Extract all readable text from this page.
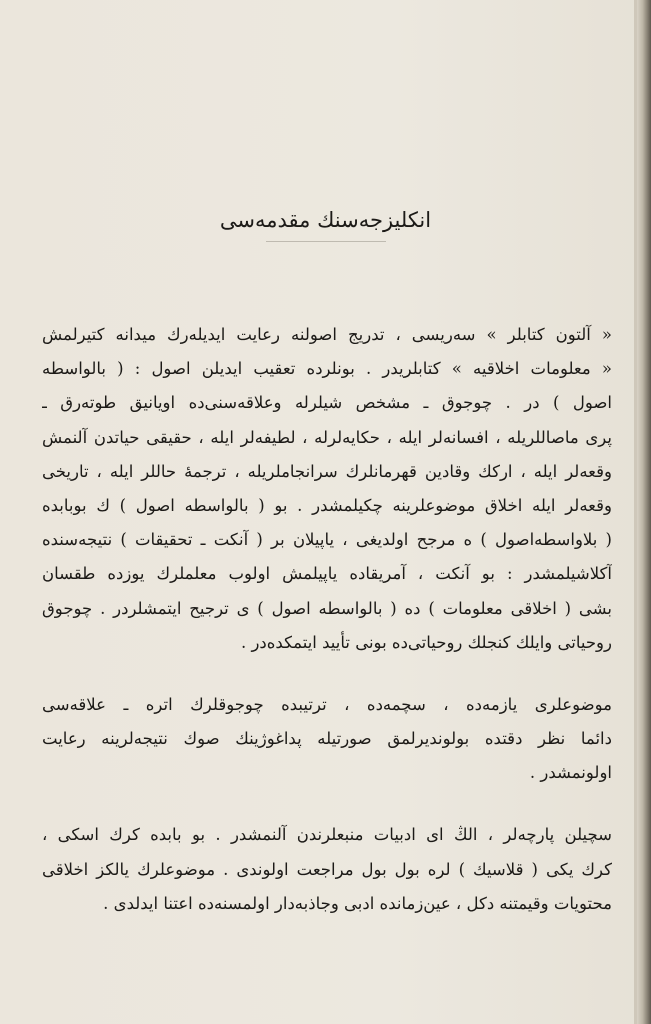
انکلیزجه‌سنك مقدمه‌سی
« آلتون کتابلر » سه‌ریسی ، تدریج اصولنه رعایت ایدیله‌رك میدانه کتیرلمش
« معلومات اخلاقیه » کتابلریدر . بونلرده تعقیب ایدیلن اصول : ( بالواسطه
اصول ) در . چوجوق ـ مشخص شیلرله وعلاقه‌سنی‌ده اویانیق طوته‌رق ـ
پری ماصاللریله ، افسانه‌لر ایله ، حکایه‌لرله ، لطیفه‌لر ایله ، حقیقی حیاتدن آلنمش
وقعه‌لر ایله ، ارکك وقادین قهرمانلرك سرانجاملریله ، ترجمهٔ حاللر ایله ، تاریخی
وقعه‌لر ایله اخلاق موضوعلرینه چکیلمشدر . بو ( بالواسطه اصول ) ك بوبابده
( بلاواسطه‌اصول ) ه مرجح اولدیغی ، یاپیلان بر ( آنکت ـ تحقیقات ) نتیجه‌سنده
آکلاشیلمشدر : بو آنکت ، آمریقاده یاپیلمش اولوب معلملرك یوزده طقسان
بشی ( اخلاقی معلومات ) ده ( بالواسطه اصول ) ی ترجیح ایتمشلردر . چوجوق
روحیاتی وایلك کنجلك روحیاتی‌ده بونی تأیید ایتمکده‌در .
موضوعلری یازمه‌ده ، سچمه‌ده ، ترتیبده چوجوقلرك اتره ـ علاقه‌سی
دائما نظر دقتده بولوندیرلمق صورتیله پداغوژینك صوك نتیجه‌لرینه رعایت
اولونمشدر .
سچیلن پارچه‌لر ، الڭ ای ادبیات منبعلرندن آلنمشدر . بو بابده کرك اسکی ،
کرك یکی ( قلاسیك ) لره بول بول مراجعت اولوندی . موضوعلرك یالکز اخلاقی
محتویات وقیمتنه دکل ، عین‌زمانده ادبی وجاذبه‌دار اولمسنه‌ده اعتنا ایدلدی .
